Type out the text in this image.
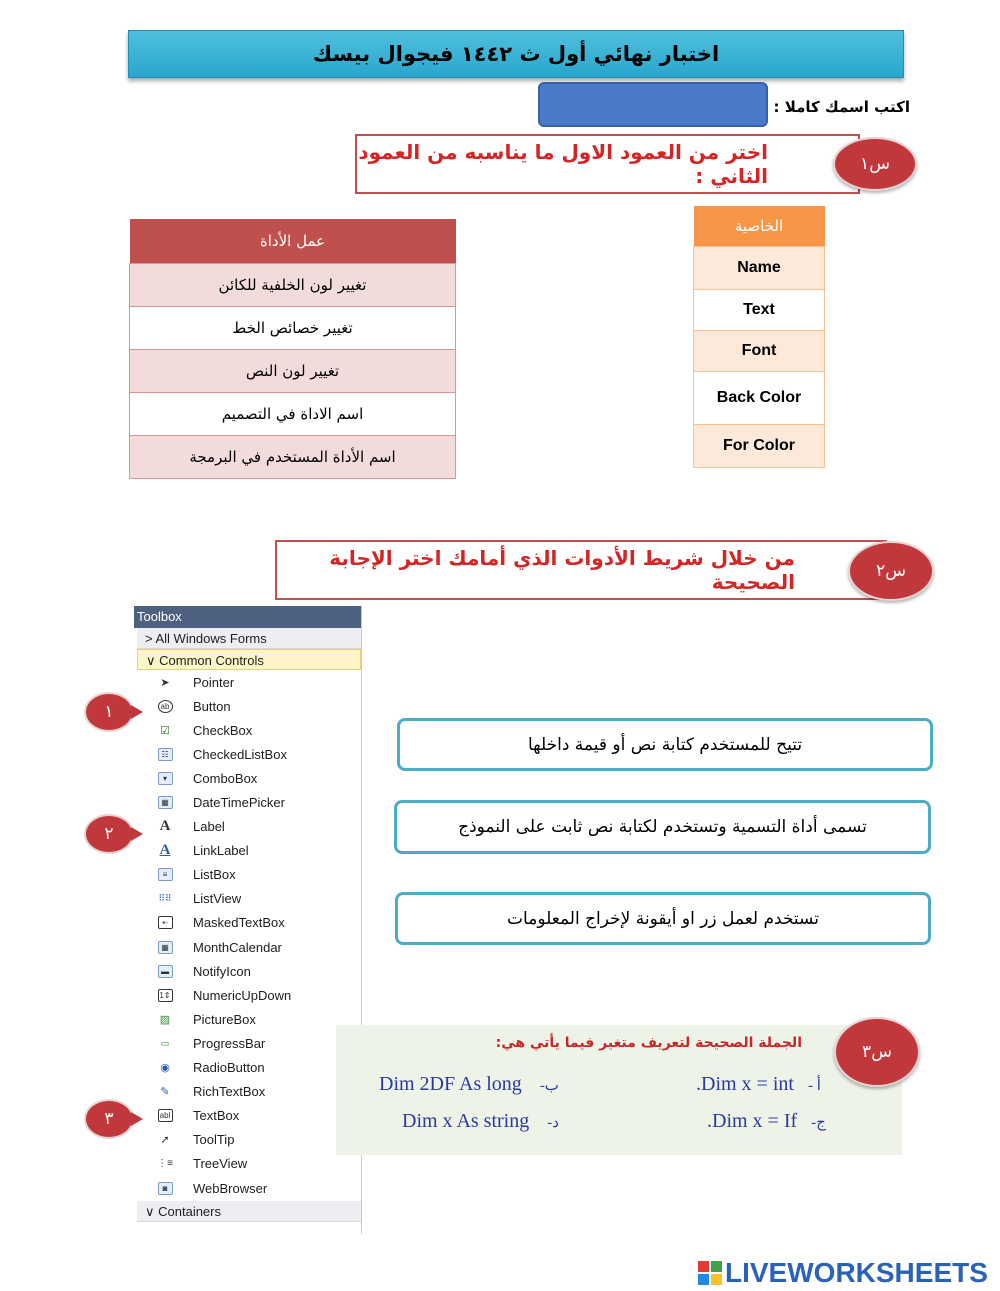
اختبار نهائي أول ث ١٤٤٢ فيجوال بيسك
اكتب اسمك كاملا :
اختر من العمود الاول ما يناسبه من العمود الثاني :	س١
عمل الأداة
تغيير لون الخلفية للكائن
تغيير خصائص الخط
تغيير لون النص
اسم الاداة في التصميم
اسم الأداة المستخدم في البرمجة
الخاصية
Name
Text
Font
Back Color
For Color
من خلال شريط الأدوات الذي أمامك اختر الإجابة الصحيحة	س٢
Toolbox
> All Windows Forms
∨ Common Controls
➤ Pointer
ab Button
☑ CheckBox
☷	CheckedListBox
▾	ComboBox
▦ DateTimePicker
A Label
A LinkLabel
≡	ListBox
⠿⠿ ListView
▪-	MaskedTextBox
▦ MonthCalendar
▬ NotifyIcon
1⇕ NumericUpDown
▨ PictureBox
▭ ProgressBar
◉ RadioButton
✎ RichTextBox
abl TextBox
➚ ToolTip
⋮≡ TreeView
◙	WebBrowser
∨ Containers
١
٢
٣
تتيح للمستخدم كتابة نص أو قيمة داخلها
تسمى أداة التسمية وتستخدم لكتابة نص ثابت على النموذج
تستخدم لعمل زر او أيقونة لإخراج المعلومات
الجملة الصحيحة لتعريف متغير فيما يأتي هي:
Dim 2DF As long ب-	.Dim x = int أ -
Dim x As string د-	.Dim x = If ج-
س٣
LIVEWORKSHEETS
